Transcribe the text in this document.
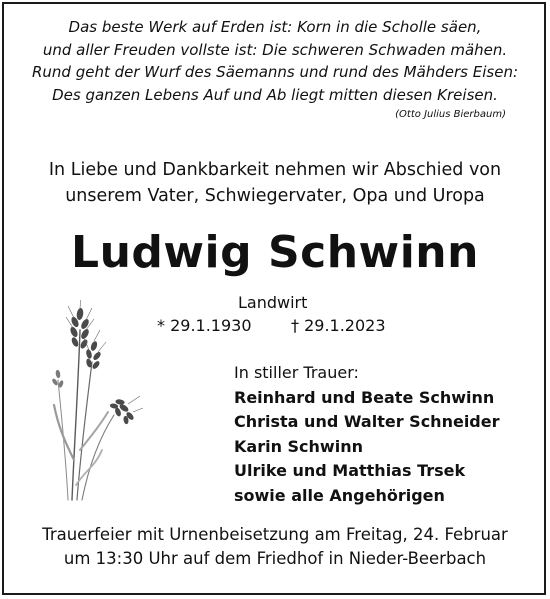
Das beste Werk auf Erden ist: Korn in die Scholle säen,
und aller Freuden vollste ist: Die schweren Schwaden mähen.
Rund geht der Wurf des Säemanns und rund des Mähders Eisen:
Des ganzen Lebens Auf und Ab liegt mitten diesen Kreisen.
(Otto Julius Bierbaum)
In Liebe und Dankbarkeit nehmen wir Abschied von
unserem Vater, Schwiegervater, Opa und Uropa
Ludwig Schwinn
Landwirt
* 29.1.1930 † 29.1.2023
In stiller Trauer:
Reinhard und Beate Schwinn
Christa und Walter Schneider
Karin Schwinn
Ulrike und Matthias Trsek
sowie alle Angehörigen
Trauerfeier mit Urnenbeisetzung am Freitag, 24. Februar
um 13:30 Uhr auf dem Friedhof in Nieder-Beerbach
